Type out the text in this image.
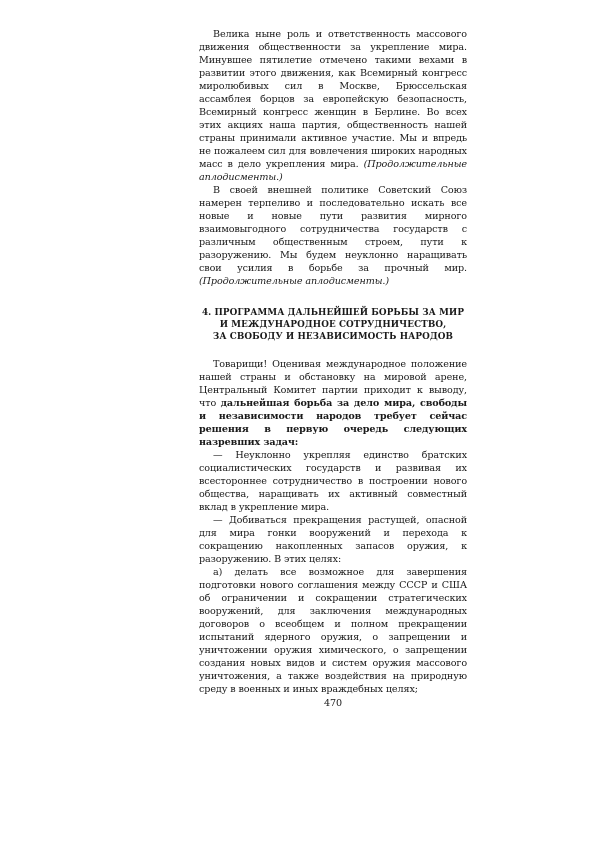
Велика ныне роль и ответственность массового движения общественности за укрепление мира. Минувшее пятилетие отмечено такими вехами в развитии этого движения, как Всемирный конгресс миролюбивых сил в Москве, Брюссельская ассамблея борцов за европейскую безопасность, Всемирный конгресс женщин в Берлине. Во всех этих акциях наша партия, общественность нашей страны принимали активное участие. Мы и впредь не пожалеем сил для вовлечения широких народных масс в дело укрепления мира. (Продолжительные аплодисменты.)

В своей внешней политике Советский Союз намерен терпеливо и последовательно искать все новые и новые пути развития мирного взаимовыгодного сотрудничества государств с различным общественным строем, пути к разоружению. Мы будем неуклонно наращивать свои усилия в борьбе за прочный мир. (Продолжительные аплодисменты.)

4. ПРОГРАММА ДАЛЬНЕЙШЕЙ БОРЬБЫ ЗА МИР
И МЕЖДУНАРОДНОЕ СОТРУДНИЧЕСТВО,
ЗА СВОБОДУ И НЕЗАВИСИМОСТЬ НАРОДОВ

Товарищи! Оценивая международное положение нашей страны и обстановку на мировой арене, Центральный Комитет партии приходит к выводу, что дальнейшая борьба за дело мира, свободы и независимости народов требует сейчас решения в первую очередь следующих назревших задач:

— Неуклонно укрепляя единство братских социалистических государств и развивая их всестороннее сотрудничество в построении нового общества, наращивать их активный совместный вклад в укрепление мира.

— Добиваться прекращения растущей, опасной для мира гонки вооружений и перехода к сокращению накопленных запасов оружия, к разоружению. В этих целях:

а) делать все возможное для завершения подготовки нового соглашения между СССР и США об ограничении и сокращении стратегических вооружений, для заключения международных договоров о всеобщем и полном прекращении испытаний ядерного оружия, о запрещении и уничтожении оружия химического, о запрещении создания новых видов и систем оружия массового уничтожения, а также воздействия на природную среду в военных и иных враждебных целях;

470
